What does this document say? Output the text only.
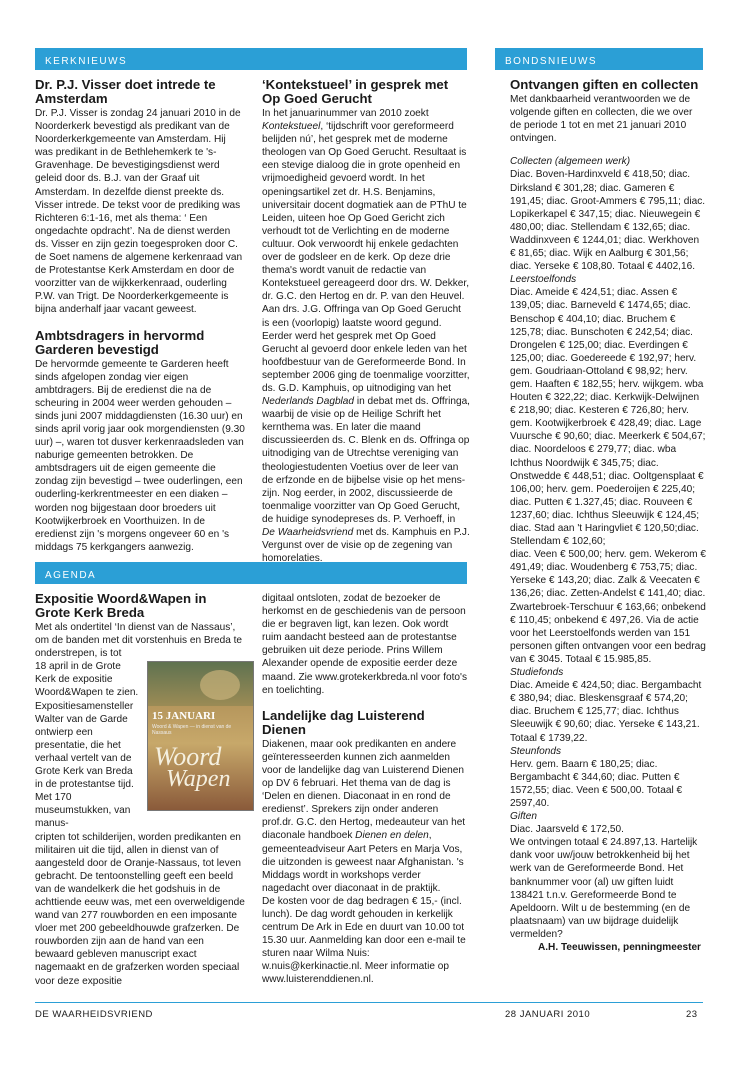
kerknieuws	bondsnieuws
agenda
Dr. P.J. Visser doet intrede te Amsterdam

Dr. P.J. Visser is zondag 24 januari 2010 in de Noorderkerk bevestigd als predikant van de Noorderkerkgemeente van Amsterdam. Hij was predikant in de Bethlehemkerk te 's-Gravenhage. De bevestigingsdienst werd geleid door ds. B.J. van der Graaf uit Amsterdam. In dezelfde dienst preekte ds. Visser intrede. De tekst voor de prediking was Richteren 6:1-16, met als thema: ‘ Een ongedachte opdracht’. Na de dienst werden ds. Visser en zijn gezin toegesproken door C. de Soet namens de algemene kerkenraad van de Protestantse Kerk Amsterdam en door de voorzitter van de wijkkerkenraad, ouderling P.W. van Trigt. De Noorderkerkgemeente is bijna anderhalf jaar vacant geweest.

Ambtsdragers in hervormd Garderen bevestigd

De hervormde gemeente te Garderen heeft sinds afgelopen zondag vier eigen ambtdragers. Bij de eredienst die na de scheuring in 2004 weer werden gehouden – sinds juni 2007 middagdiensten (16.30 uur) en sinds april vorig jaar ook morgendiensten (9.30 uur) –, waren tot dusver kerkenraadsleden van naburige gemeenten betrokken. De ambtsdragers uit de eigen gemeente die zondag zijn bevestigd – twee ouderlingen, een ouderling-kerkrentmeester en een diaken – worden nog bijgestaan door broeders uit Kootwijkerbroek en Voorthuizen. In de eredienst zijn 's morgens ongeveer 60 en 's middags 75 kerkgangers aanwezig.

‘Kontekstueel’ in gesprek met Op Goed Gerucht

In het januarinummer van 2010 zoekt Kontekstueel, ‘tijdschrift voor gereformeerd belijden nú’, het gesprek met de moderne theologen van Op Goed Gerucht. Resultaat is een stevige dialoog die in grote openheid en vrijmoedigheid gevoerd wordt. In het openingsartikel zet dr. H.S. Benjamins, universitair docent dogmatiek aan de PThU te Leiden, uiteen hoe Op Goed Gericht zich verhoudt tot de Verlichting en de moderne cultuur. Ook verwoordt hij enkele gedachten over de godsleer en de kerk. Op deze drie thema's wordt vanuit de redactie van Kontekstueel gereageerd door drs. W. Dekker, dr. G.C. den Hertog en dr. P. van den Heuvel. Aan drs. J.G. Offringa van Op Goed Gerucht is een (voorlopig) laatste woord gegund.

Eerder werd het gesprek met Op Goed Gerucht al gevoerd door enkele leden van het hoofdbestuur van de Gereformeerde Bond. In september 2006 ging de toenmalige voorzitter, ds. G.D. Kamphuis, op uitnodiging van het Nederlands Dagblad in debat met ds. Offringa, waarbij de visie op de Heilige Schrift het kernthema was. En later die maand discussieerden ds. C. Blenk en ds. Offringa op uitnodiging van de Utrechtse vereniging van theologiestudenten Voetius over de leer van de erfzonde en de bijbelse visie op het mens-zijn. Nog eerder, in 2002, discussieerde de toenmalige voorzitter van Op Goed Gerucht, de huidige synodepreses ds. P. Verhoeff, in De Waarheidsvriend met ds. Kamphuis en P.J. Vergunst over de visie op de zegening van homorelaties.

Expositie Woord&Wapen in Grote Kerk Breda

Met als ondertitel ‘In dienst van de Nassaus’, om de banden met dit vorstenhuis en Breda te onderstrepen, is tot

18 april in de Grote Kerk de expositie Woord&Wapen te zien. Expositiesamensteller Walter van de Garde ontwierp een presentatie, die het verhaal vertelt van de Grote Kerk van Breda in de protestantse tijd. Met 170 museumstukken, van manus-

cripten tot schilderijen, worden predikanten en militairen uit die tijd, allen in dienst van of aangesteld door de Oranje-Nassaus, tot leven gebracht. De tentoonstelling geeft een beeld van de wandelkerk die het godshuis in de achttiende eeuw was, met een overweldigende wand van 277 rouwborden en een imposante vloer met 200 gebeeldhouwde grafzerken. De rouwborden zijn aan de hand van een bewaard gebleven manuscript exact nagemaakt en de grafzerken worden speciaal voor deze expositie

15 JANUARI
Woord & Wapen — in dienst van de Nassaus
Woord
Wapen

digitaal ontsloten, zodat de bezoeker de herkomst en de geschiedenis van de persoon die er begraven ligt, kan lezen. Ook wordt ruim aandacht besteed aan de protestantse gebruiken uit deze periode. Prins Willem Alexander opende de expositie eerder deze maand. Zie www.grotekerkbreda.nl voor foto's en toelichting.

Landelijke dag Luisterend Dienen

Diakenen, maar ook predikanten en andere geïnteresseerden kunnen zich aanmelden voor de landelijke dag van Luisterend Dienen op DV 6 februari. Het thema van de dag is ‘Delen en dienen. Diaconaat in en rond de eredienst’. Sprekers zijn onder anderen prof.dr. G.C. den Hertog, medeauteur van het diaconale handboek Dienen en delen, gemeenteadviseur Aart Peters en Marja Vos, die uitzonden is geweest naar Afghanistan. 's Middags wordt in workshops verder nagedacht over diaconaat in de praktijk.

De kosten voor de dag bedragen € 15,- (incl. lunch). De dag wordt gehouden in kerkelijk centrum De Ark in Ede en duurt van 10.00 tot 15.30 uur. Aanmelding kan door een e-mail te sturen naar Wilma Nuis: w.nuis@kerkinactie.nl. Meer informatie op www.luisterenddienen.nl.

Ontvangen giften en collecten

Met dankbaarheid verantwoorden we de volgende giften en collecten, die we over de periode 1 tot en met 21 januari 2010 ontvingen.

Collecten (algemeen werk)

Diac. Boven-Hardinxveld € 418,50; diac. Dirksland € 301,28; diac. Gameren € 191,45; diac. Groot-Ammers € 795,11; diac. Lopikerkapel € 347,15; diac. Nieuwegein € 480,00; diac. Stellendam € 132,65; diac. Waddinxveen € 1244,01; diac. Werkhoven € 81,65; diac. Wijk en Aalburg € 301,56; diac. Yerseke € 108,80. Totaal € 4402,16.

Leerstoelfonds

Diac. Ameide € 424,51; diac. Assen € 139,05; diac. Barneveld € 1474,65; diac. Benschop € 404,10; diac. Bruchem € 125,78; diac. Bunschoten € 242,54; diac. Drongelen € 125,00; diac. Everdingen € 125,00; diac. Goedereede € 192,97; herv. gem. Goudriaan-Ottoland € 98,92; herv. gem. Haaften € 182,55; herv. wijkgem. wba Houten € 322,22; diac. Kerkwijk-Delwijnen € 218,90; diac. Kesteren € 726,80; herv. gem. Kootwijkerbroek € 428,49; diac. Lage Vuursche € 90,60; diac. Meerkerk € 504,67; diac. Noordeloos € 279,77; diac. wba Ichthus Noordwijk € 345,75; diac. Onstwedde € 448,51; diac. Ooltgensplaat € 106,00; herv. gem. Poederoijen € 225,40; diac. Putten € 1.327,45; diac. Rouveen € 1237,60; diac. Ichthus Sleeuwijk € 124,45; diac. Stad aan 't Haringvliet € 120,50;diac. Stellendam € 102,60;

diac. Veen € 500,00; herv. gem. Wekerom € 491,49; diac. Woudenberg € 753,75; diac. Yerseke € 143,20; diac. Zalk & Veecaten € 136,26; diac. Zetten-Andelst € 141,40; diac. Zwartebroek-Terschuur € 163,66; onbekend € 110,45; onbekend € 497,26. Via de actie voor het Leerstoelfonds werden van 151 personen giften ontvangen voor een bedrag van € 3045. Totaal € 15.985,85.

Studiefonds

Diac. Ameide € 424,50; diac. Bergambacht € 380,94; diac. Bleskensgraaf € 574,20; diac. Bruchem € 125,77; diac. Ichthus Sleeuwijk € 90,60; diac. Yerseke € 143,21. Totaal € 1739,22.

Steunfonds

Herv. gem. Baarn € 180,25; diac. Bergambacht € 344,60; diac. Putten € 1572,55; diac. Veen € 500,00. Totaal € 2597,40.

Giften

Diac. Jaarsveld € 172,50.

We ontvingen totaal € 24.897,13. Hartelijk dank voor uw/jouw betrokkenheid bij het werk van de Gereformeerde Bond. Het banknummer voor (al) uw giften luidt 138421 t.n.v. Gereformeerde Bond te Apeldoorn. Wilt u de bestemming (en de plaatsnaam) van uw bijdrage duidelijk vermelden?

A.H. Teeuwissen, penningmeester

DE WAARHEIDSVRIEND	28 JANUARI 2010	23
